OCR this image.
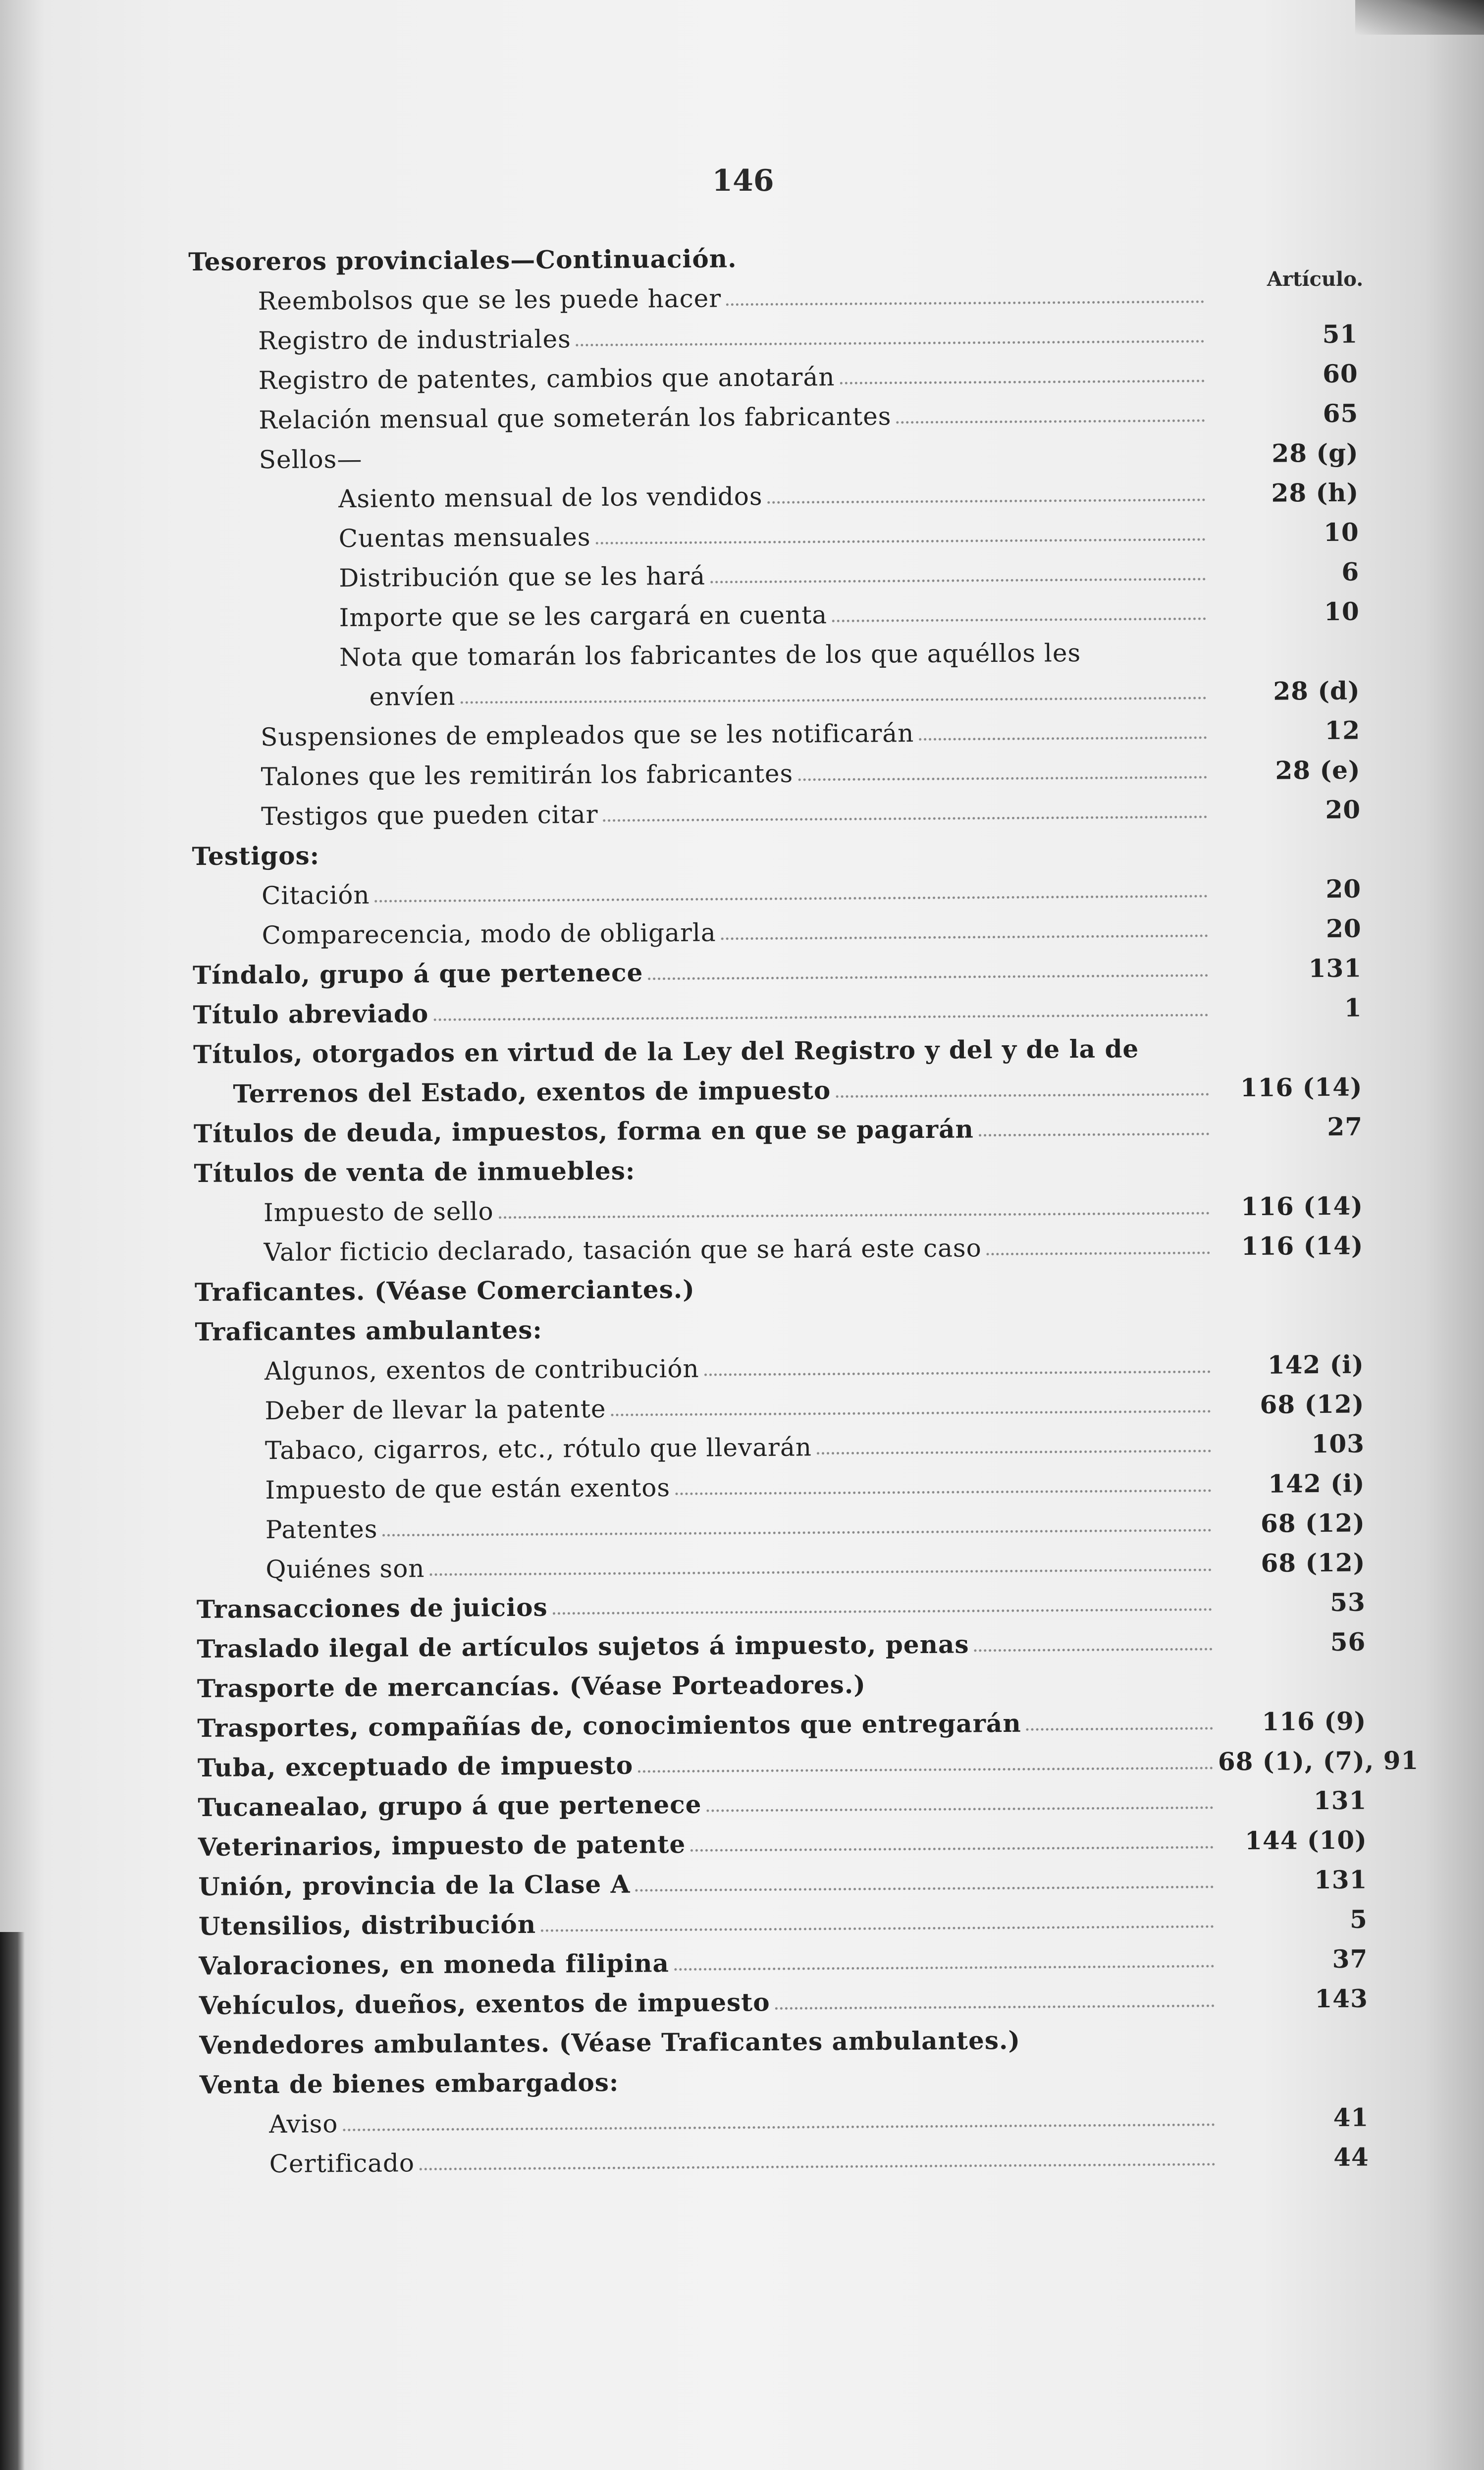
146
Artículo.
Tesoreros provinciales—Continuación.
Reembolsos que se les puede hacer
Registro de industriales	51
Registro de patentes, cambios que anotarán	60
Relación mensual que someterán los fabricantes	65
Sellos—	28 (g)
Asiento mensual de los vendidos	28 (h)
Cuentas mensuales	10
Distribución que se les hará	6
Importe que se les cargará en cuenta	10
Nota que tomarán los fabricantes de los que aquéllos les
envíen	28 (d)
Suspensiones de empleados que se les notificarán	12
Talones que les remitirán los fabricantes	28 (e)
Testigos que pueden citar	20
Testigos:
Citación	20
Comparecencia, modo de obligarla	20
Tíndalo, grupo á que pertenece	131
Título abreviado	1
Títulos, otorgados en virtud de la Ley del Registro y del y de la de
Terrenos del Estado, exentos de impuesto	116 (14)
Títulos de deuda, impuestos, forma en que se pagarán	27
Títulos de venta de inmuebles:
Impuesto de sello	116 (14)
Valor ficticio declarado, tasación que se hará este caso	116 (14)
Traficantes. (Véase Comerciantes.)
Traficantes ambulantes:
Algunos, exentos de contribución	142 (i)
Deber de llevar la patente	68 (12)
Tabaco, cigarros, etc., rótulo que llevarán	103
Impuesto de que están exentos	142 (i)
Patentes	68 (12)
Quiénes son	68 (12)
Transacciones de juicios	53
Traslado ilegal de artículos sujetos á impuesto, penas	56
Trasporte de mercancías. (Véase Porteadores.)
Trasportes, compañías de, conocimientos que entregarán	116 (9)
Tuba, exceptuado de impuesto	68 (1), (7), 91
Tucanealao, grupo á que pertenece	131
Veterinarios, impuesto de patente	144 (10)
Unión, provincia de la Clase A	131
Utensilios, distribución	5
Valoraciones, en moneda filipina	37
Vehículos, dueños, exentos de impuesto	143
Vendedores ambulantes. (Véase Traficantes ambulantes.)
Venta de bienes embargados:
Aviso	41
Certificado	44
